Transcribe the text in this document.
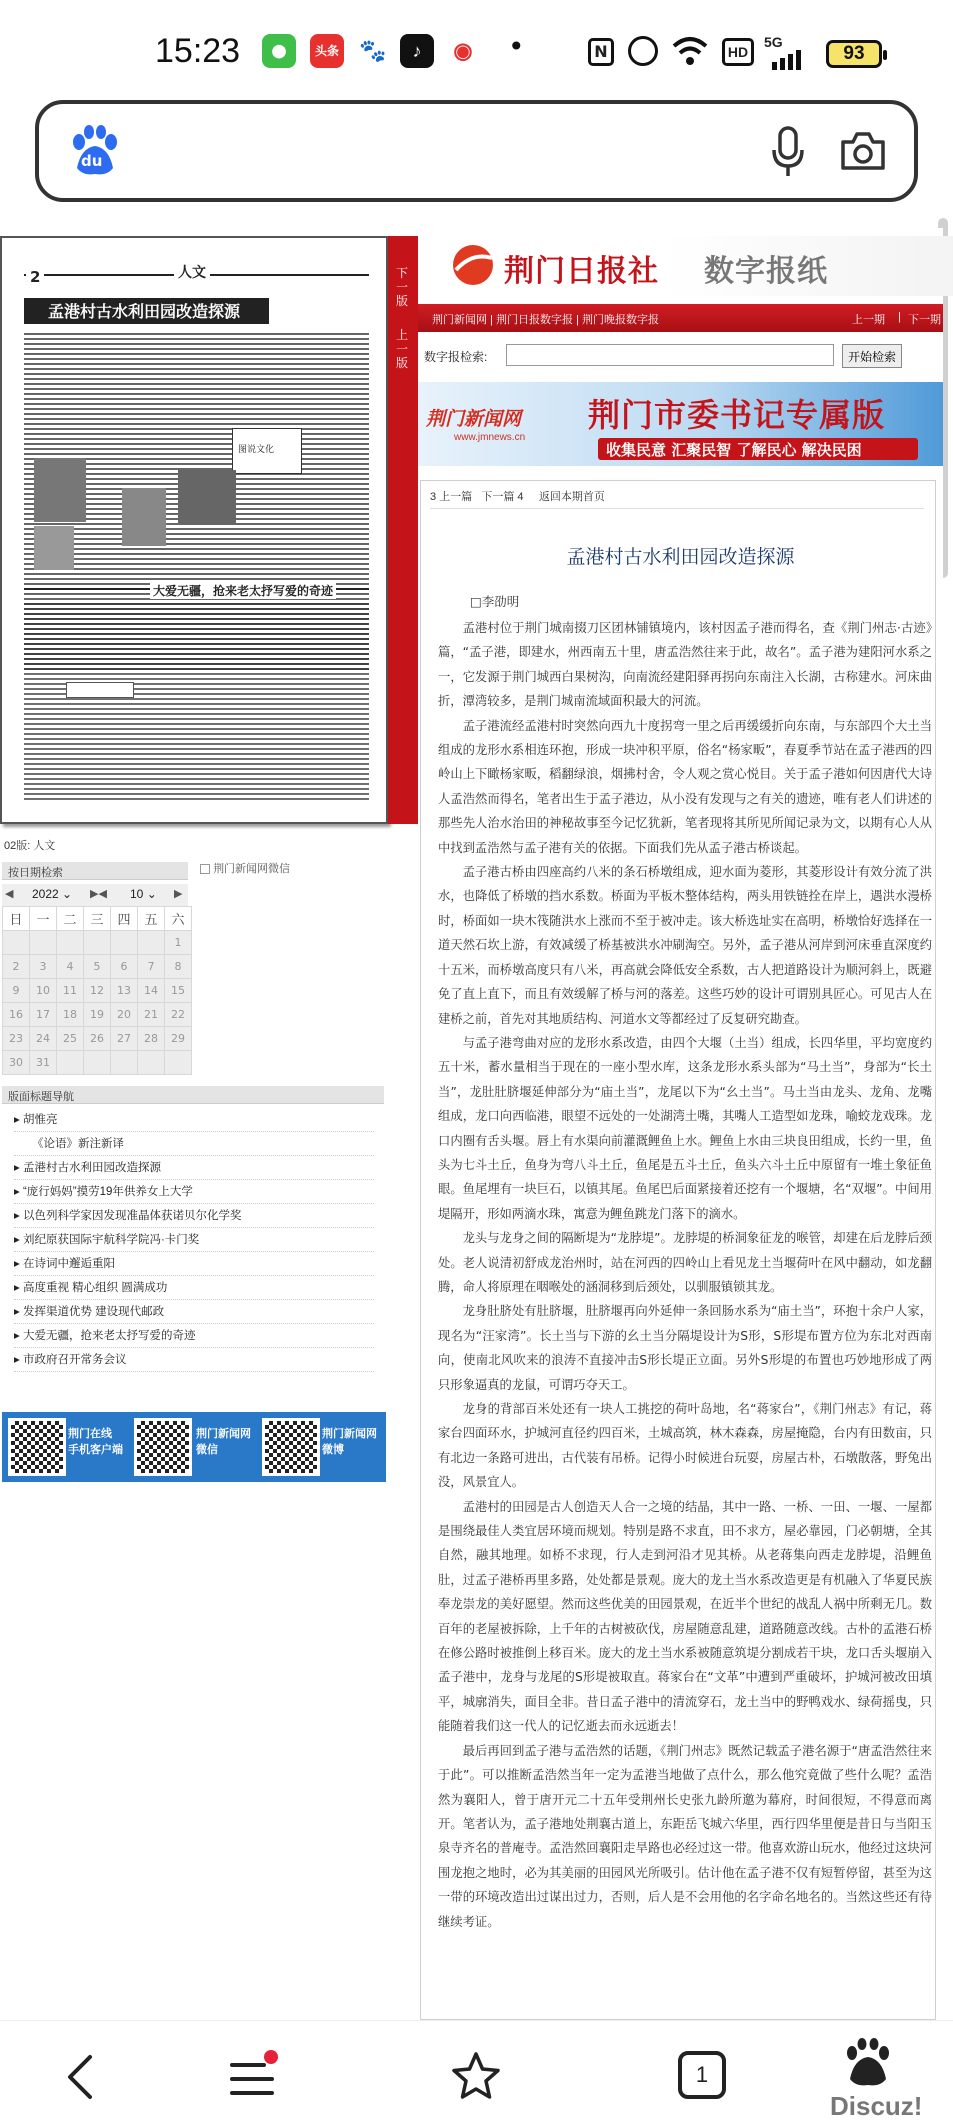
15:23	⬤	头条 🐾	♪	◉ •	N	HD
5G
93
du
2	人文
孟港村古水利田园改造探源
图说文化
大爱无疆，抢来老太抒写爱的奇迹
下一版
上一版
02版: 人文
按日期检索	荆门新闻网微信
◀ 2022 ⌄ ▶◀ 10 ⌄ ▶
日	一	二	三	四	五	六
						1
2	3	4	5	6	7	8
9	10	11	12	13	14	15
16	17	18	19	20	21	22
23	24	25	26	27	28	29
30	31					
版面标题导航
▸ 胡惟亮
《论语》新注新译
▸ 孟港村古水利田园改造探源
▸ “庞行妈妈”摸劳19年供养女上大学
▸ 以色列科学家因发现准晶体获诺贝尔化学奖
▸ 刘纪原获国际宇航科学院冯·卡门奖
▸ 在诗词中邂逅重阳
▸ 高度重视 精心组织 圆满成功
▸ 发挥渠道优势 建设现代邮政
▸ 大爱无疆，抢来老太抒写爱的奇迹
▸ 市政府召开常务会议
荆门在线
手机客户端
荆门新闻网
微信
荆门新闻网
微博
荆门日报社 数字报纸
荆门新闻网 | 荆门日报数字报 | 荆门晚报数字报	上一期 | 下一期
数字报检索:	开始检索
荆门新闻网
www.jmnews.cn
荆门市委书记专属版
收集民意 汇聚民智 了解民心 解决民困
3 上一篇 下一篇 4 返回本期首页
孟港村古水利田园改造探源
□李劭明

孟港村位于荆门城南掇刀区团林铺镇境内，该村因孟子港而得名，查《荆门州志·古迹》篇，“孟子港，即建水，州西南五十里，唐孟浩然往来于此，故名”。孟子港为建阳河水系之一，它发源于荆门城西白果树沟，向南流经建阳驿再拐向东南注入长湖，古称建水。河床曲折，潭湾较多，是荆门城南流域面积最大的河流。

孟子港流经孟港村时突然向西九十度拐弯一里之后再缓缓折向东南，与东部四个大土当组成的龙形水系相连环抱，形成一块冲积平原，俗名“杨家畈”，春夏季节站在孟子港西的四岭山上下瞰杨家畈，稻翻绿浪，烟拂村舍，令人观之赏心悦目。关于孟子港如何因唐代大诗人孟浩然而得名，笔者出生于孟子港边，从小没有发现与之有关的遗迹，唯有老人们讲述的那些先人治水治田的神秘故事至今记忆犹新，笔者现将其所见所闻记录为文，以期有心人从中找到孟浩然与孟子港有关的依据。下面我们先从孟子港古桥谈起。

孟子港古桥由四座高约八米的条石桥墩组成，迎水面为菱形，其菱形设计有效分流了洪水，也降低了桥墩的挡水系数。桥面为平板木整体结构，两头用铁链拴在岸上，遇洪水漫桥时，桥面如一块木筏随洪水上涨而不至于被冲走。该大桥选址实在高明，桥墩恰好选择在一道天然石坎上游，有效减缓了桥基被洪水冲刷淘空。另外，孟子港从河岸到河床垂直深度约十五米，而桥墩高度只有八米，再高就会降低安全系数，古人把道路设计为顺河斜上，既避免了直上直下，而且有效缓解了桥与河的落差。这些巧妙的设计可谓别具匠心。可见古人在建桥之前，首先对其地质结构、河道水文等都经过了反复研究勘查。

与孟子港弯曲对应的龙形水系改造，由四个大堰（土当）组成，长四华里，平均宽度约五十米，蓄水量相当于现在的一座小型水库，这条龙形水系头部为“马土当”，身部为“长土当”，龙肚肚脐堰延伸部分为“庙土当”，龙尾以下为“幺土当”。马土当由龙头、龙角、龙嘴组成，龙口向西临港，眼望不远处的一处湖湾土嘴，其嘴人工造型如龙珠，喻蛟龙戏珠。龙口内圈有舌头堰。唇上有水渠向前灌溉鲤鱼上水。鲤鱼上水由三块良田组成，长约一里，鱼头为七斗土丘，鱼身为弯八斗土丘，鱼尾是五斗土丘，鱼头六斗土丘中原留有一堆土象征鱼眼。鱼尾埋有一块巨石，以镇其尾。鱼尾巴后面紧接着还挖有一个堰塘，名“双堰”。中间用堤隔开，形如两滴水珠，寓意为鲤鱼跳龙门落下的滴水。

龙头与龙身之间的隔断堤为“龙脖堤”。龙脖堤的桥洞象征龙的喉管，却建在后龙脖后颈处。老人说清初舒成龙治州时，站在河西的四岭山上看见龙土当堰荷叶在风中翻动，如龙翻腾，命人将原理在咽喉处的涵洞移到后颈处，以驯服镇锁其龙。

龙身肚脐处有肚脐堰，肚脐堰再向外延伸一条回肠水系为“庙土当”，环抱十余户人家，现名为“汪家湾”。长土当与下游的幺土当分隔堤设计为S形，S形堤布置方位为东北对西南向，使南北风吹来的浪涛不直接冲击S形长堤正立面。另外S形堤的布置也巧妙地形成了两只形象逼真的龙鼠，可谓巧夺天工。

龙身的背部百米处还有一块人工挑挖的荷叶岛地，名“蒋家台”，《荆门州志》有记，蒋家台四面环水，护城河直径约四百米，土城高筑，林木森森，房屋掩隐，台内有田数亩，只有北边一条路可进出，古代装有吊桥。记得小时候进台玩耍，房屋古朴，石墩散落，野兔出没，风景宜人。

孟港村的田园是古人创造天人合一之境的结晶，其中一路、一桥、一田、一堰、一屋都是围绕最佳人类宜居环境而规划。特别是路不求直，田不求方，屋必靠园，门必朝塘，全其自然，融其地理。如桥不求现，行人走到河沿才见其桥。从老蒋集向西走龙脖堤，沿鲤鱼肚，过孟子港桥再里多路，处处都是景观。庞大的龙土当水系改造更是有机融入了华夏民族奉龙崇龙的美好愿望。然而这些优美的田园景观，在近半个世纪的战乱人祸中所剩无几。数百年的老屋被拆除，上千年的古树被砍伐，房屋随意乱建，道路随意改线。古朴的孟港石桥在修公路时被推倒上移百米。庞大的龙土当水系被随意筑堤分割成若干块，龙口舌头堰崩入孟子港中，龙身与龙尾的S形堤被取直。蒋家台在“文革”中遭到严重破坏，护城河被改田填平，城廓消失，面目全非。昔日孟子港中的清流穿石，龙土当中的野鸭戏水、绿荷摇曳，只能随着我们这一代人的记忆逝去而永远逝去！

最后再回到孟子港与孟浩然的话题，《荆门州志》既然记载孟子港名源于“唐孟浩然往来于此”。可以推断孟浩然当年一定为孟港当地做了点什么，那么他究竟做了些什么呢？孟浩然为襄阳人，曾于唐开元二十五年受荆州长史张九龄所邀为幕府，时间很短，不得意而离开。笔者认为，孟子港地处荆襄古道上，东距岳飞城六华里，西行四华里便是昔日与当阳玉泉寺齐名的普庵寺。孟浩然回襄阳走旱路也必经过这一带。他喜欢游山玩水，他经过这块河围龙抱之地时，必为其美丽的田园风光所吸引。估计他在孟子港不仅有短暂停留，甚至为这一带的环境改造出过谋出过力，否则，后人是不会用他的名字命名地名的。当然这些还有待继续考证。

1
Discuz!
